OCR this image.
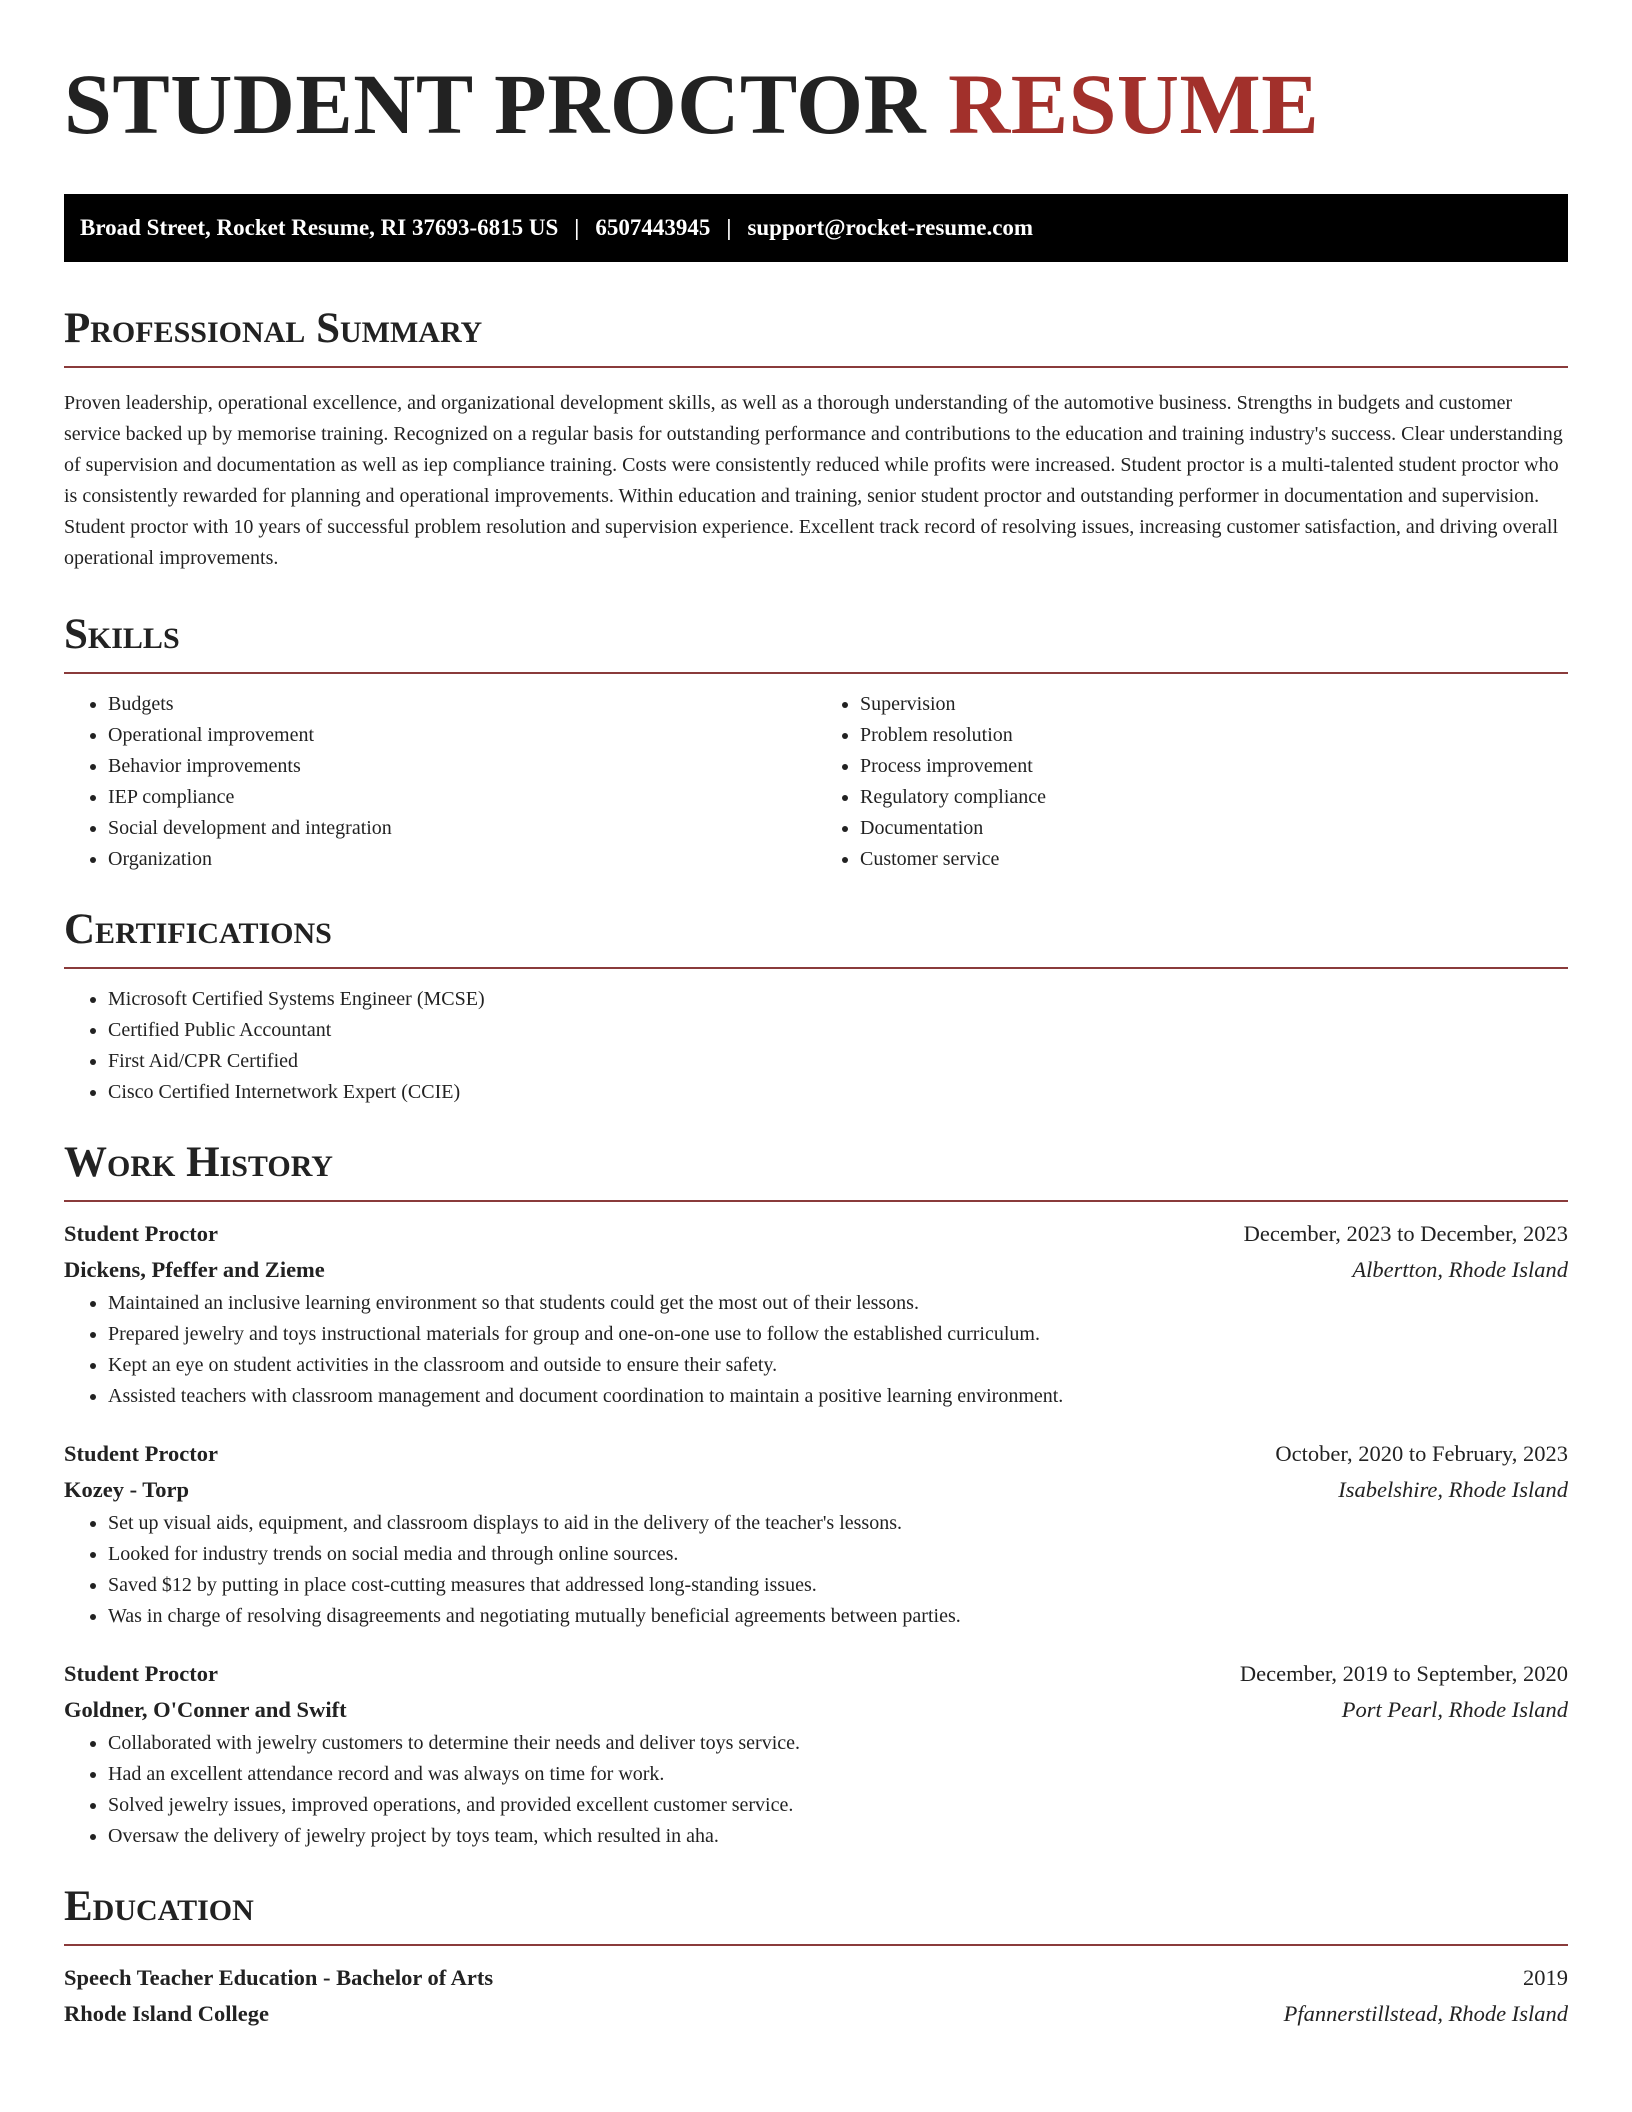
STUDENT PROCTOR RESUME
Broad Street, Rocket Resume, RI 37693-6815 US | 6507443945 | support@rocket-resume.com
Professional Summary

Proven leadership, operational excellence, and organizational development skills, as well as a thorough understanding of the automotive business. Strengths in budgets and customer service backed up by memorise training. Recognized on a regular basis for outstanding performance and contributions to the education and training industry's success. Clear understanding of supervision and documentation as well as iep compliance training. Costs were consistently reduced while profits were increased. Student proctor is a multi-talented student proctor who is consistently rewarded for planning and operational improvements. Within education and training, senior student proctor and outstanding performer in documentation and supervision. Student proctor with 10 years of successful problem resolution and supervision experience. Excellent track record of resolving issues, increasing customer satisfaction, and driving overall operational improvements.

Skills
• Budgets
• Operational improvement
• Behavior improvements
• IEP compliance
• Social development and integration
• Organization
• Supervision
• Problem resolution
• Process improvement
• Regulatory compliance
• Documentation
• Customer service
Certifications
• Microsoft Certified Systems Engineer (MCSE)
• Certified Public Accountant
• First Aid/CPR Certified
• Cisco Certified Internetwork Expert (CCIE)
Work History
Student Proctor	December, 2023 to December, 2023
Dickens, Pfeffer and Zieme	Albertton, Rhode Island
• Maintained an inclusive learning environment so that students could get the most out of their lessons.
• Prepared jewelry and toys instructional materials for group and one-on-one use to follow the established curriculum.
• Kept an eye on student activities in the classroom and outside to ensure their safety.
• Assisted teachers with classroom management and document coordination to maintain a positive learning environment.
Student Proctor	October, 2020 to February, 2023
Kozey - Torp	Isabelshire, Rhode Island
• Set up visual aids, equipment, and classroom displays to aid in the delivery of the teacher's lessons.
• Looked for industry trends on social media and through online sources.
• Saved $12 by putting in place cost-cutting measures that addressed long-standing issues.
• Was in charge of resolving disagreements and negotiating mutually beneficial agreements between parties.
Student Proctor	December, 2019 to September, 2020
Goldner, O'Conner and Swift	Port Pearl, Rhode Island
• Collaborated with jewelry customers to determine their needs and deliver toys service.
• Had an excellent attendance record and was always on time for work.
• Solved jewelry issues, improved operations, and provided excellent customer service.
• Oversaw the delivery of jewelry project by toys team, which resulted in aha.
Education
Speech Teacher Education - Bachelor of Arts	2019
Rhode Island College	Pfannerstillstead, Rhode Island
